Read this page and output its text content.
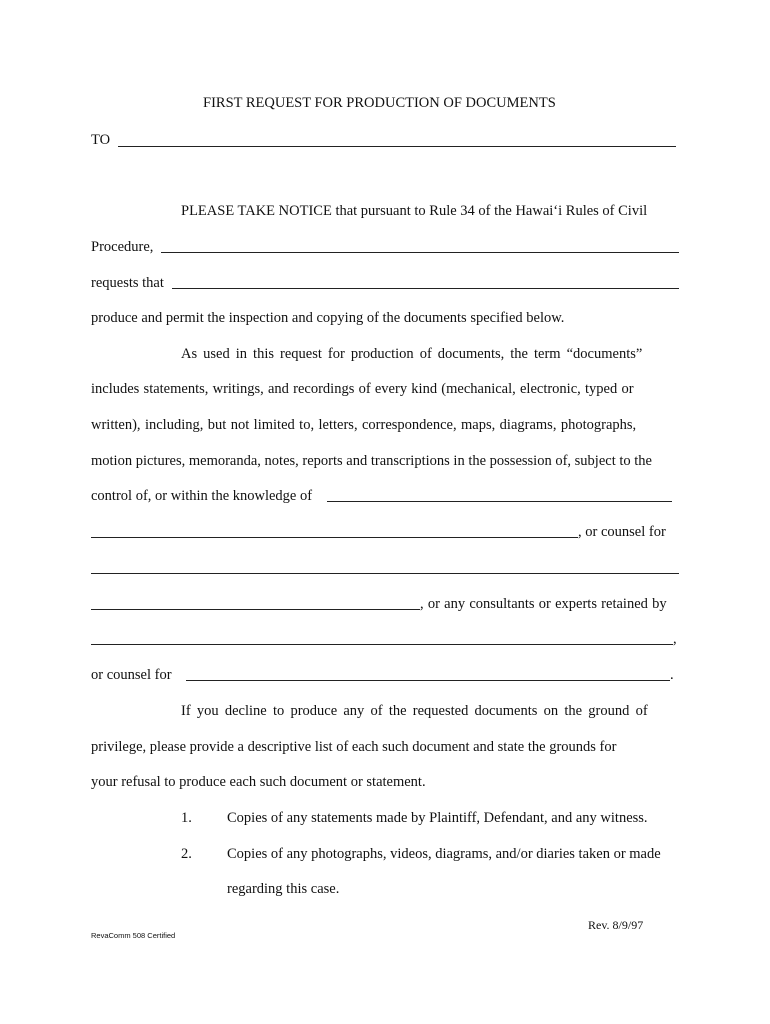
FIRST REQUEST FOR PRODUCTION OF DOCUMENTS
TO
PLEASE TAKE NOTICE that pursuant to Rule 34 of the Hawai‘i Rules of Civil
Procedure,
requests that
produce and permit the inspection and copying of the documents specified below.
As used in this request for production of documents, the term “documents”
includes statements, writings, and recordings of every kind (mechanical, electronic, typed or
written), including, but not limited to, letters, correspondence, maps, diagrams, photographs,
motion pictures, memoranda, notes, reports and transcriptions in the possession of, subject to the
control of, or within the knowledge of
, or counsel for
, or any consultants or experts retained by
,
or counsel for	.
If you decline to produce any of the requested documents on the ground of
privilege, please provide a descriptive list of each such document and state the grounds for
your refusal to produce each such document or statement.
1. Copies of any statements made by Plaintiff, Defendant, and any witness.
2. Copies of any photographs, videos, diagrams, and/or diaries taken or made
regarding this case.
Rev. 8/9/97
RevaComm 508 Certified
